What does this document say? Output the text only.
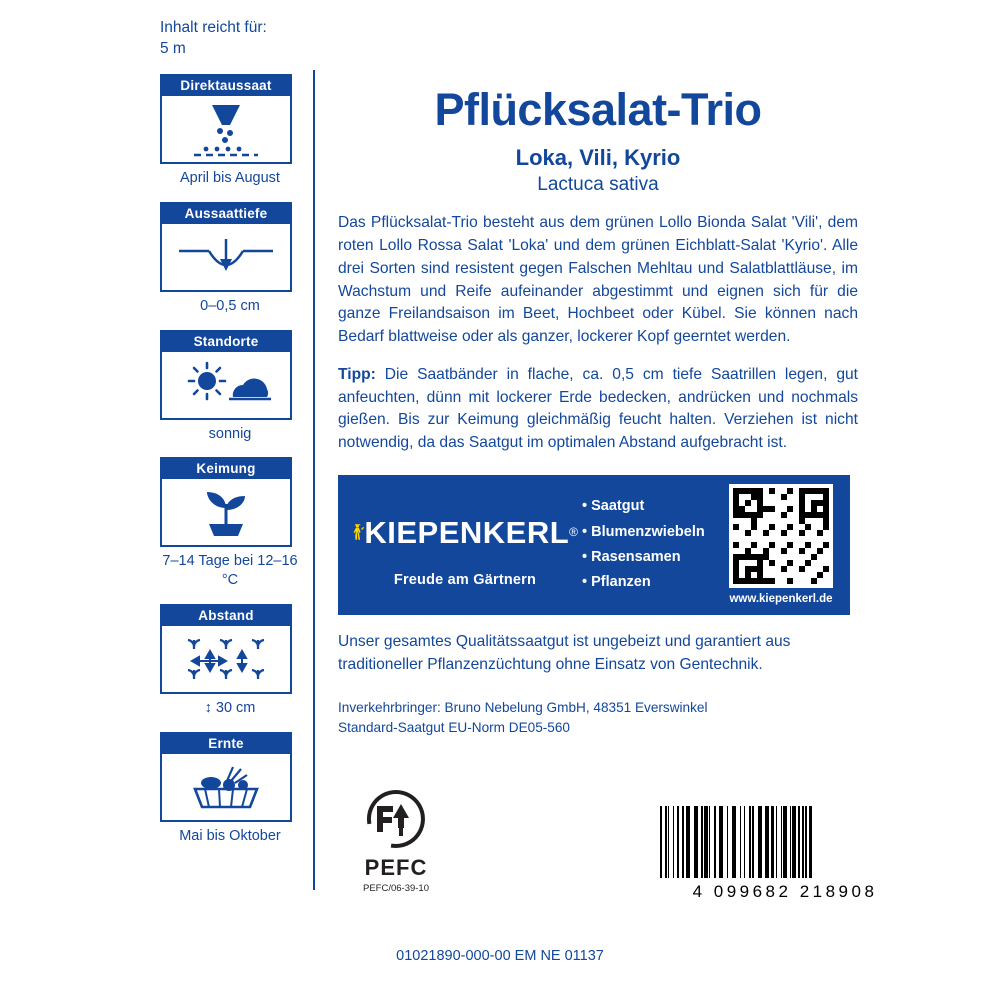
Inhalt reicht für:
5 m
Direktaussaat
April bis August
Aussaattiefe
0–0,5 cm
Standorte
sonnig
Keimung
7–14 Tage bei 12–16 °C
Abstand
↕ 30 cm
Ernte
Mai bis Oktober
Pflücksalat-Trio
Loka, Vili, Kyrio
Lactuca sativa
Das Pflücksalat-Trio besteht aus dem grünen Lollo Bionda Salat 'Vili', dem roten Lollo Rossa Salat 'Loka' und dem grünen Eichblatt-Salat 'Kyrio'. Alle drei Sorten sind resistent gegen Falschen Mehltau und Salatblattläuse, im Wachstum und Reife aufeinander abgestimmt und eignen sich für die ganze Freilandsaison im Beet, Hochbeet oder Kübel. Sie können nach Bedarf blattweise oder als ganzer, lockerer Kopf geerntet werden.
Tipp: Die Saatbänder in flache, ca. 0,5 cm tiefe Saatrillen legen, gut anfeuchten, dünn mit lockerer Erde bedecken, andrücken und nochmals gießen. Bis zur Keimung gleichmäßig feucht halten. Verziehen ist nicht notwendig, da das Saatgut im optimalen Abstand aufgebracht ist.
KIEPENKERL ®
Freude am Gärtnern
• Saatgut
• Blumenzwiebeln
• Rasensamen
• Pflanzen
www.kiepenkerl.de
Unser gesamtes Qualitätssaatgut ist ungebeizt und garantiert aus traditioneller Pflanzenzüchtung ohne Einsatz von Gentechnik.
Inverkehrbringer: Bruno Nebelung GmbH, 48351 Everswinkel
Standard-Saatgut EU-Norm DE05-560
PEFC
PEFC/06-39-10	4 099682 218908
01021890-000-00 EM NE 01137
